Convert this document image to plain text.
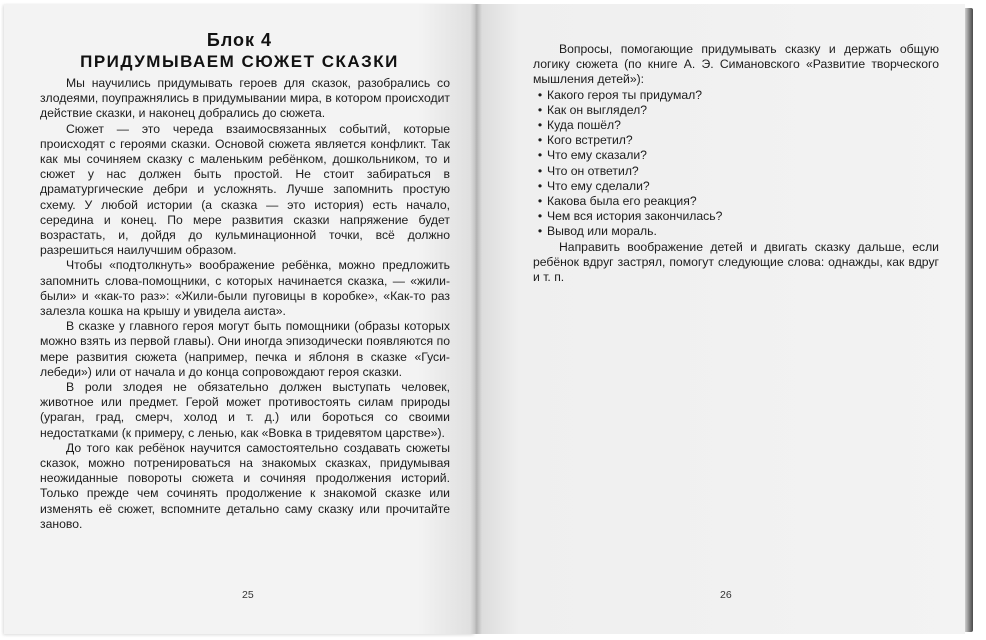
Блок 4
ПРИДУМЫВАЕМ СЮЖЕТ СКАЗКИ

Мы научились придумывать героев для сказок, разобрались со злодеями, поупражнялись в придумывании мира, в котором происходит действие сказки, и наконец добрались до сюжета.

Сюжет — это череда взаимосвязанных событий, которые происходят с героями сказки. Основой сюжета является конфликт. Так как мы сочиняем сказку с маленьким ребёнком, дошкольником, то и сюжет у нас должен быть простой. Не стоит забираться в драматургические дебри и усложнять. Лучше запомнить простую схему. У любой истории (а сказка — это история) есть начало, середина и конец. По мере развития сказки напряжение будет возрастать, и, дойдя до кульминационной точки, всё должно разрешиться наилучшим образом.

Чтобы «подтолкнуть» воображение ребёнка, можно предложить запомнить слова-помощники, с которых начинается сказка, — «жили-были» и «как-то раз»: «Жили-были пуговицы в коробке», «Как-то раз залезла кошка на крышу и увидела аиста».

В сказке у главного героя могут быть помощники (образы которых можно взять из первой главы). Они иногда эпизодически появляются по мере развития сюжета (например, печка и яблоня в сказке «Гуси-лебеди») или от начала и до конца сопровождают героя сказки.

В роли злодея не обязательно должен выступать человек, животное или предмет. Герой может противостоять силам природы (ураган, град, смерч, холод и т. д.) или бороться со своими недостатками (к примеру, с ленью, как «Вовка в тридевятом царстве»).

До того как ребёнок научится самостоятельно создавать сюжеты сказок, можно потренироваться на знакомых сказках, придумывая неожиданные повороты сюжета и сочиняя продолжения историй. Только прежде чем сочинять продолжение к знакомой сказке или изменять её сюжет, вспомните детально саму сказку или прочитайте заново.

25

Вопросы, помогающие придумывать сказку и держать общую логику сюжета (по книге А. Э. Симановского «Развитие творческого мышления детей»):

• Какого героя ты придумал?
• Как он выглядел?
• Куда пошёл?
• Кого встретил?
• Что ему сказали?
• Что он ответил?
• Что ему сделали?
• Какова была его реакция?
• Чем вся история закончилась?
• Вывод или мораль.

Направить воображение детей и двигать сказку дальше, если ребёнок вдруг застрял, помогут следующие слова: однажды, как вдруг и т. п.

26
